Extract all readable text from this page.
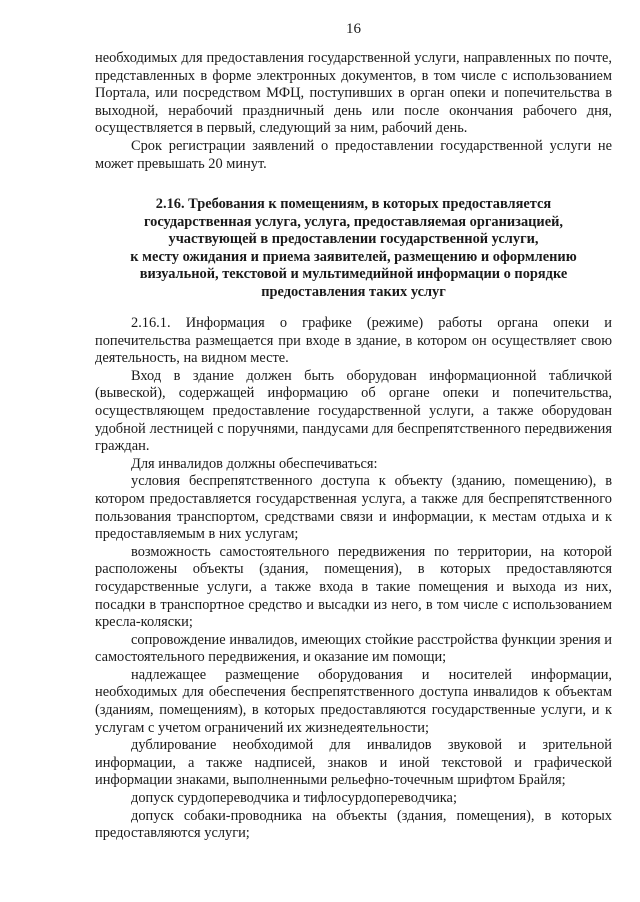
16

необходимых для предоставления государственной услуги, направленных по почте, представленных в форме электронных документов, в том числе с использованием Портала, или посредством МФЦ, поступивших в орган опеки и попечительства в выходной, нерабочий праздничный день или после окончания рабочего дня, осуществляется в первый, следующий за ним, рабочий день.

Срок регистрации заявлений о предоставлении государственной услуги не может превышать 20 минут.

2.16. Требования к помещениям, в которых предоставляется
государственная услуга, услуга, предоставляемая организацией,
участвующей в предоставлении государственной услуги,
к месту ожидания и приема заявителей, размещению и оформлению
визуальной, текстовой и мультимедийной информации о порядке
предоставления таких услуг

2.16.1. Информация о графике (режиме) работы органа опеки и попечительства размещается при входе в здание, в котором он осуществляет свою деятельность, на видном месте.

Вход в здание должен быть оборудован информационной табличкой (вывеской), содержащей информацию об органе опеки и попечительства, осуществляющем предоставление государственной услуги, а также оборудован удобной лестницей с поручнями, пандусами для беспрепятственного передвижения граждан.

Для инвалидов должны обеспечиваться:

условия беспрепятственного доступа к объекту (зданию, помещению), в котором предоставляется государственная услуга, а также для беспрепятственного пользования транспортом, средствами связи и информации, к местам отдыха и к предоставляемым в них услугам;

возможность самостоятельного передвижения по территории, на которой расположены объекты (здания, помещения), в которых предоставляются государственные услуги, а также входа в такие помещения и выхода из них, посадки в транспортное средство и высадки из него, в том числе с использованием кресла-коляски;

сопровождение инвалидов, имеющих стойкие расстройства функции зрения и самостоятельного передвижения, и оказание им помощи;

надлежащее размещение оборудования и носителей информации, необходимых для обеспечения беспрепятственного доступа инвалидов к объектам (зданиям, помещениям), в которых предоставляются государственные услуги, и к услугам с учетом ограничений их жизнедеятельности;

дублирование необходимой для инвалидов звуковой и зрительной информации, а также надписей, знаков и иной текстовой и графической информации знаками, выполненными рельефно-точечным шрифтом Брайля;

допуск сурдопереводчика и тифлосурдопереводчика;

допуск собаки-проводника на объекты (здания, помещения), в которых предоставляются услуги;
